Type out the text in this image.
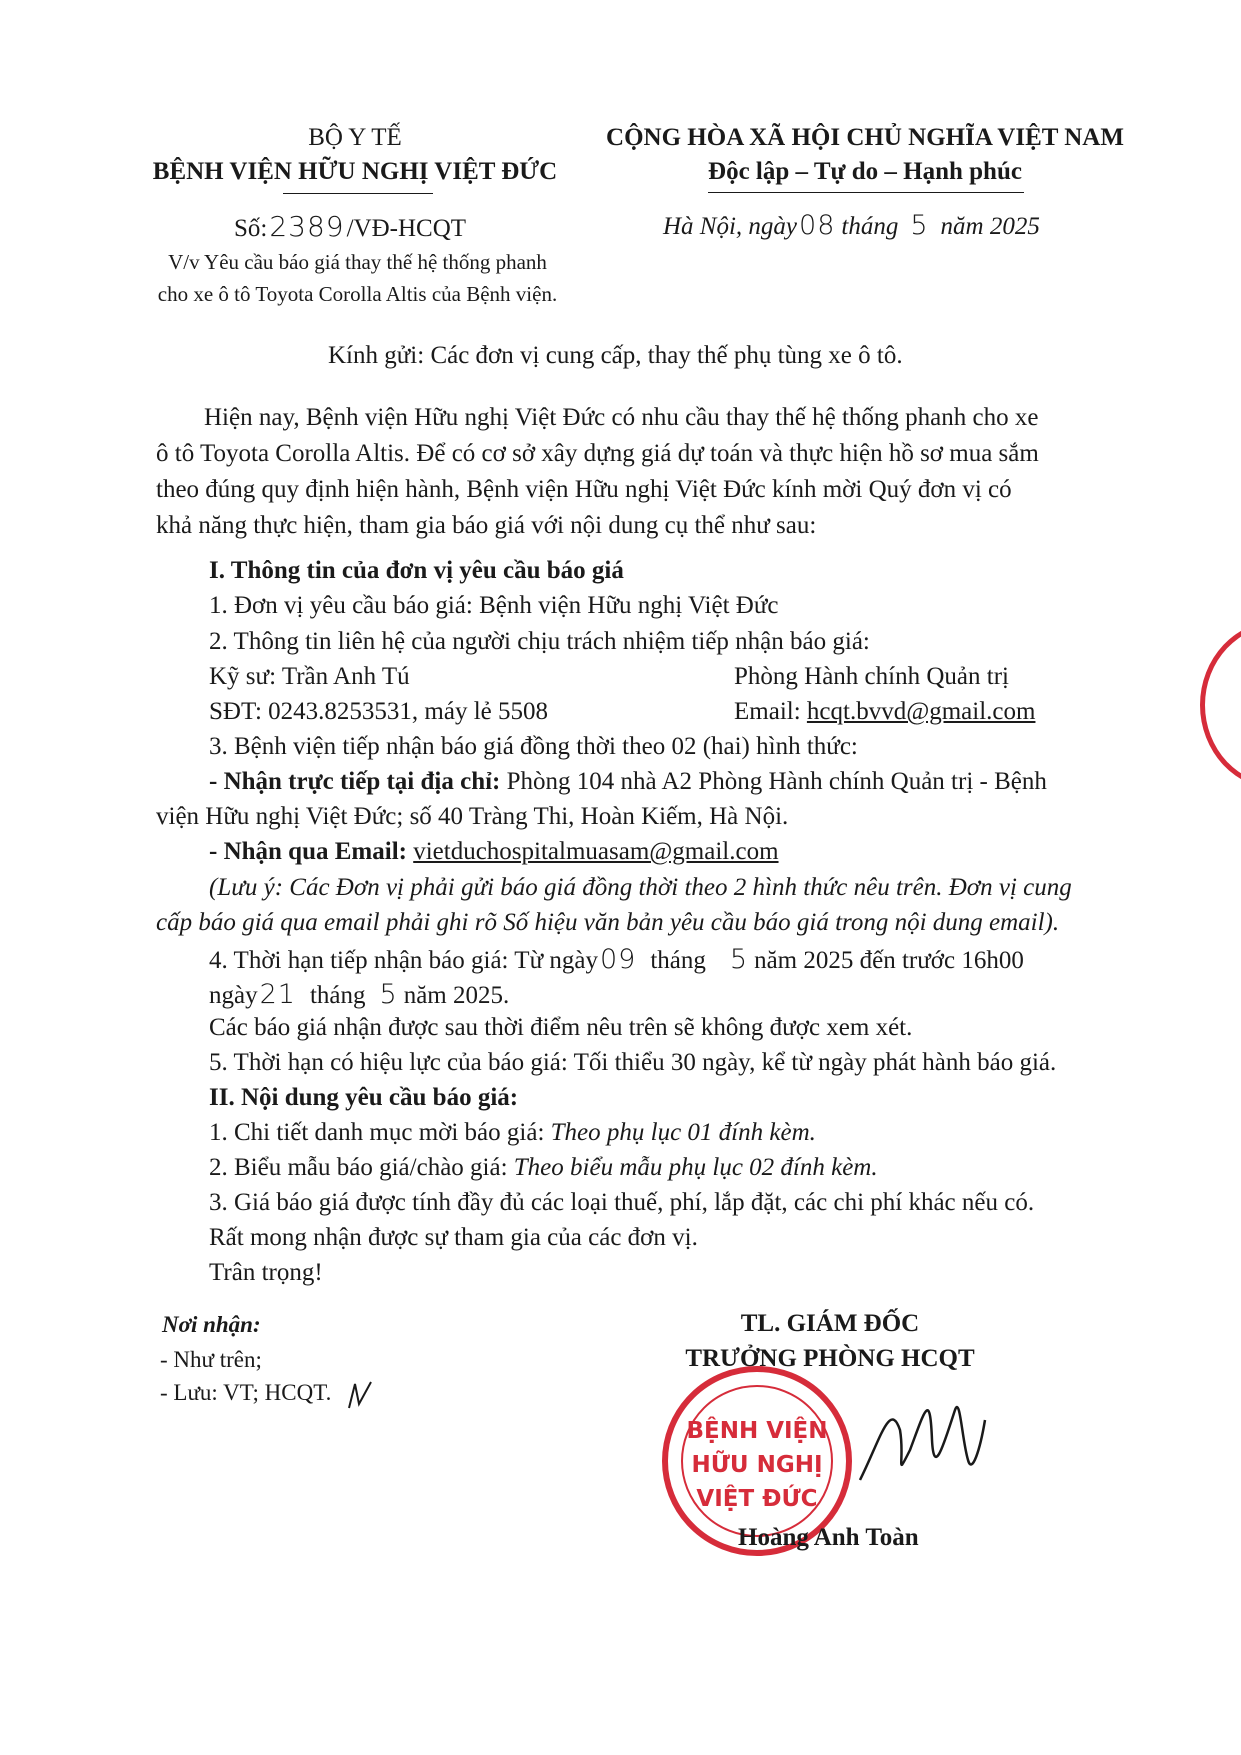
BỘ Y TẾ
BỆNH VIỆN HỮU NGHỊ VIỆT ĐỨC
Số:2389/VĐ-HCQT
V/v Yêu cầu báo giá thay thế hệ thống phanh
cho xe ô tô Toyota Corolla Altis của Bệnh viện.
CỘNG HÒA XÃ HỘI CHỦ NGHĨA VIỆT NAM
Độc lập – Tự do – Hạnh phúc
Hà Nội, ngày08 tháng 5 năm 2025
Kính gửi: Các đơn vị cung cấp, thay thế phụ tùng xe ô tô.
Hiện nay, Bệnh viện Hữu nghị Việt Đức có nhu cầu thay thế hệ thống phanh cho xe
ô tô Toyota Corolla Altis. Để có cơ sở xây dựng giá dự toán và thực hiện hồ sơ mua sắm
theo đúng quy định hiện hành, Bệnh viện Hữu nghị Việt Đức kính mời Quý đơn vị có
khả năng thực hiện, tham gia báo giá với nội dung cụ thể như sau:
I. Thông tin của đơn vị yêu cầu báo giá
1. Đơn vị yêu cầu báo giá: Bệnh viện Hữu nghị Việt Đức
2. Thông tin liên hệ của người chịu trách nhiệm tiếp nhận báo giá:
Kỹ sư: Trần Anh Tú	Phòng Hành chính Quản trị
SĐT: 0243.8253531, máy lẻ 5508	Email: hcqt.bvvd@gmail.com
3. Bệnh viện tiếp nhận báo giá đồng thời theo 02 (hai) hình thức:
- Nhận trực tiếp tại địa chỉ: Phòng 104 nhà A2 Phòng Hành chính Quản trị - Bệnh
viện Hữu nghị Việt Đức; số 40 Tràng Thi, Hoàn Kiếm, Hà Nội.
- Nhận qua Email: vietduchospitalmuasam@gmail.com
(Lưu ý: Các Đơn vị phải gửi báo giá đồng thời theo 2 hình thức nêu trên. Đơn vị cung
cấp báo giá qua email phải ghi rõ Số hiệu văn bản yêu cầu báo giá trong nội dung email).
4. Thời hạn tiếp nhận báo giá: Từ ngày09 tháng 5 năm 2025 đến trước 16h00
ngày21 tháng 5 năm 2025.
Các báo giá nhận được sau thời điểm nêu trên sẽ không được xem xét.
5. Thời hạn có hiệu lực của báo giá: Tối thiểu 30 ngày, kể từ ngày phát hành báo giá.
II. Nội dung yêu cầu báo giá:
1. Chi tiết danh mục mời báo giá: Theo phụ lục 01 đính kèm.
2. Biểu mẫu báo giá/chào giá: Theo biểu mẫu phụ lục 02 đính kèm.
3. Giá báo giá được tính đầy đủ các loại thuế, phí, lắp đặt, các chi phí khác nếu có.
Rất mong nhận được sự tham gia của các đơn vị.
Trân trọng!
Nơi nhận:
- Như trên;
- Lưu: VT; HCQT.
TL. GIÁM ĐỐC
TRƯỞNG PHÒNG HCQT
BỆNH VIỆN
HỮU NGHỊ
VIỆT ĐỨC
Hoàng Anh Toàn
